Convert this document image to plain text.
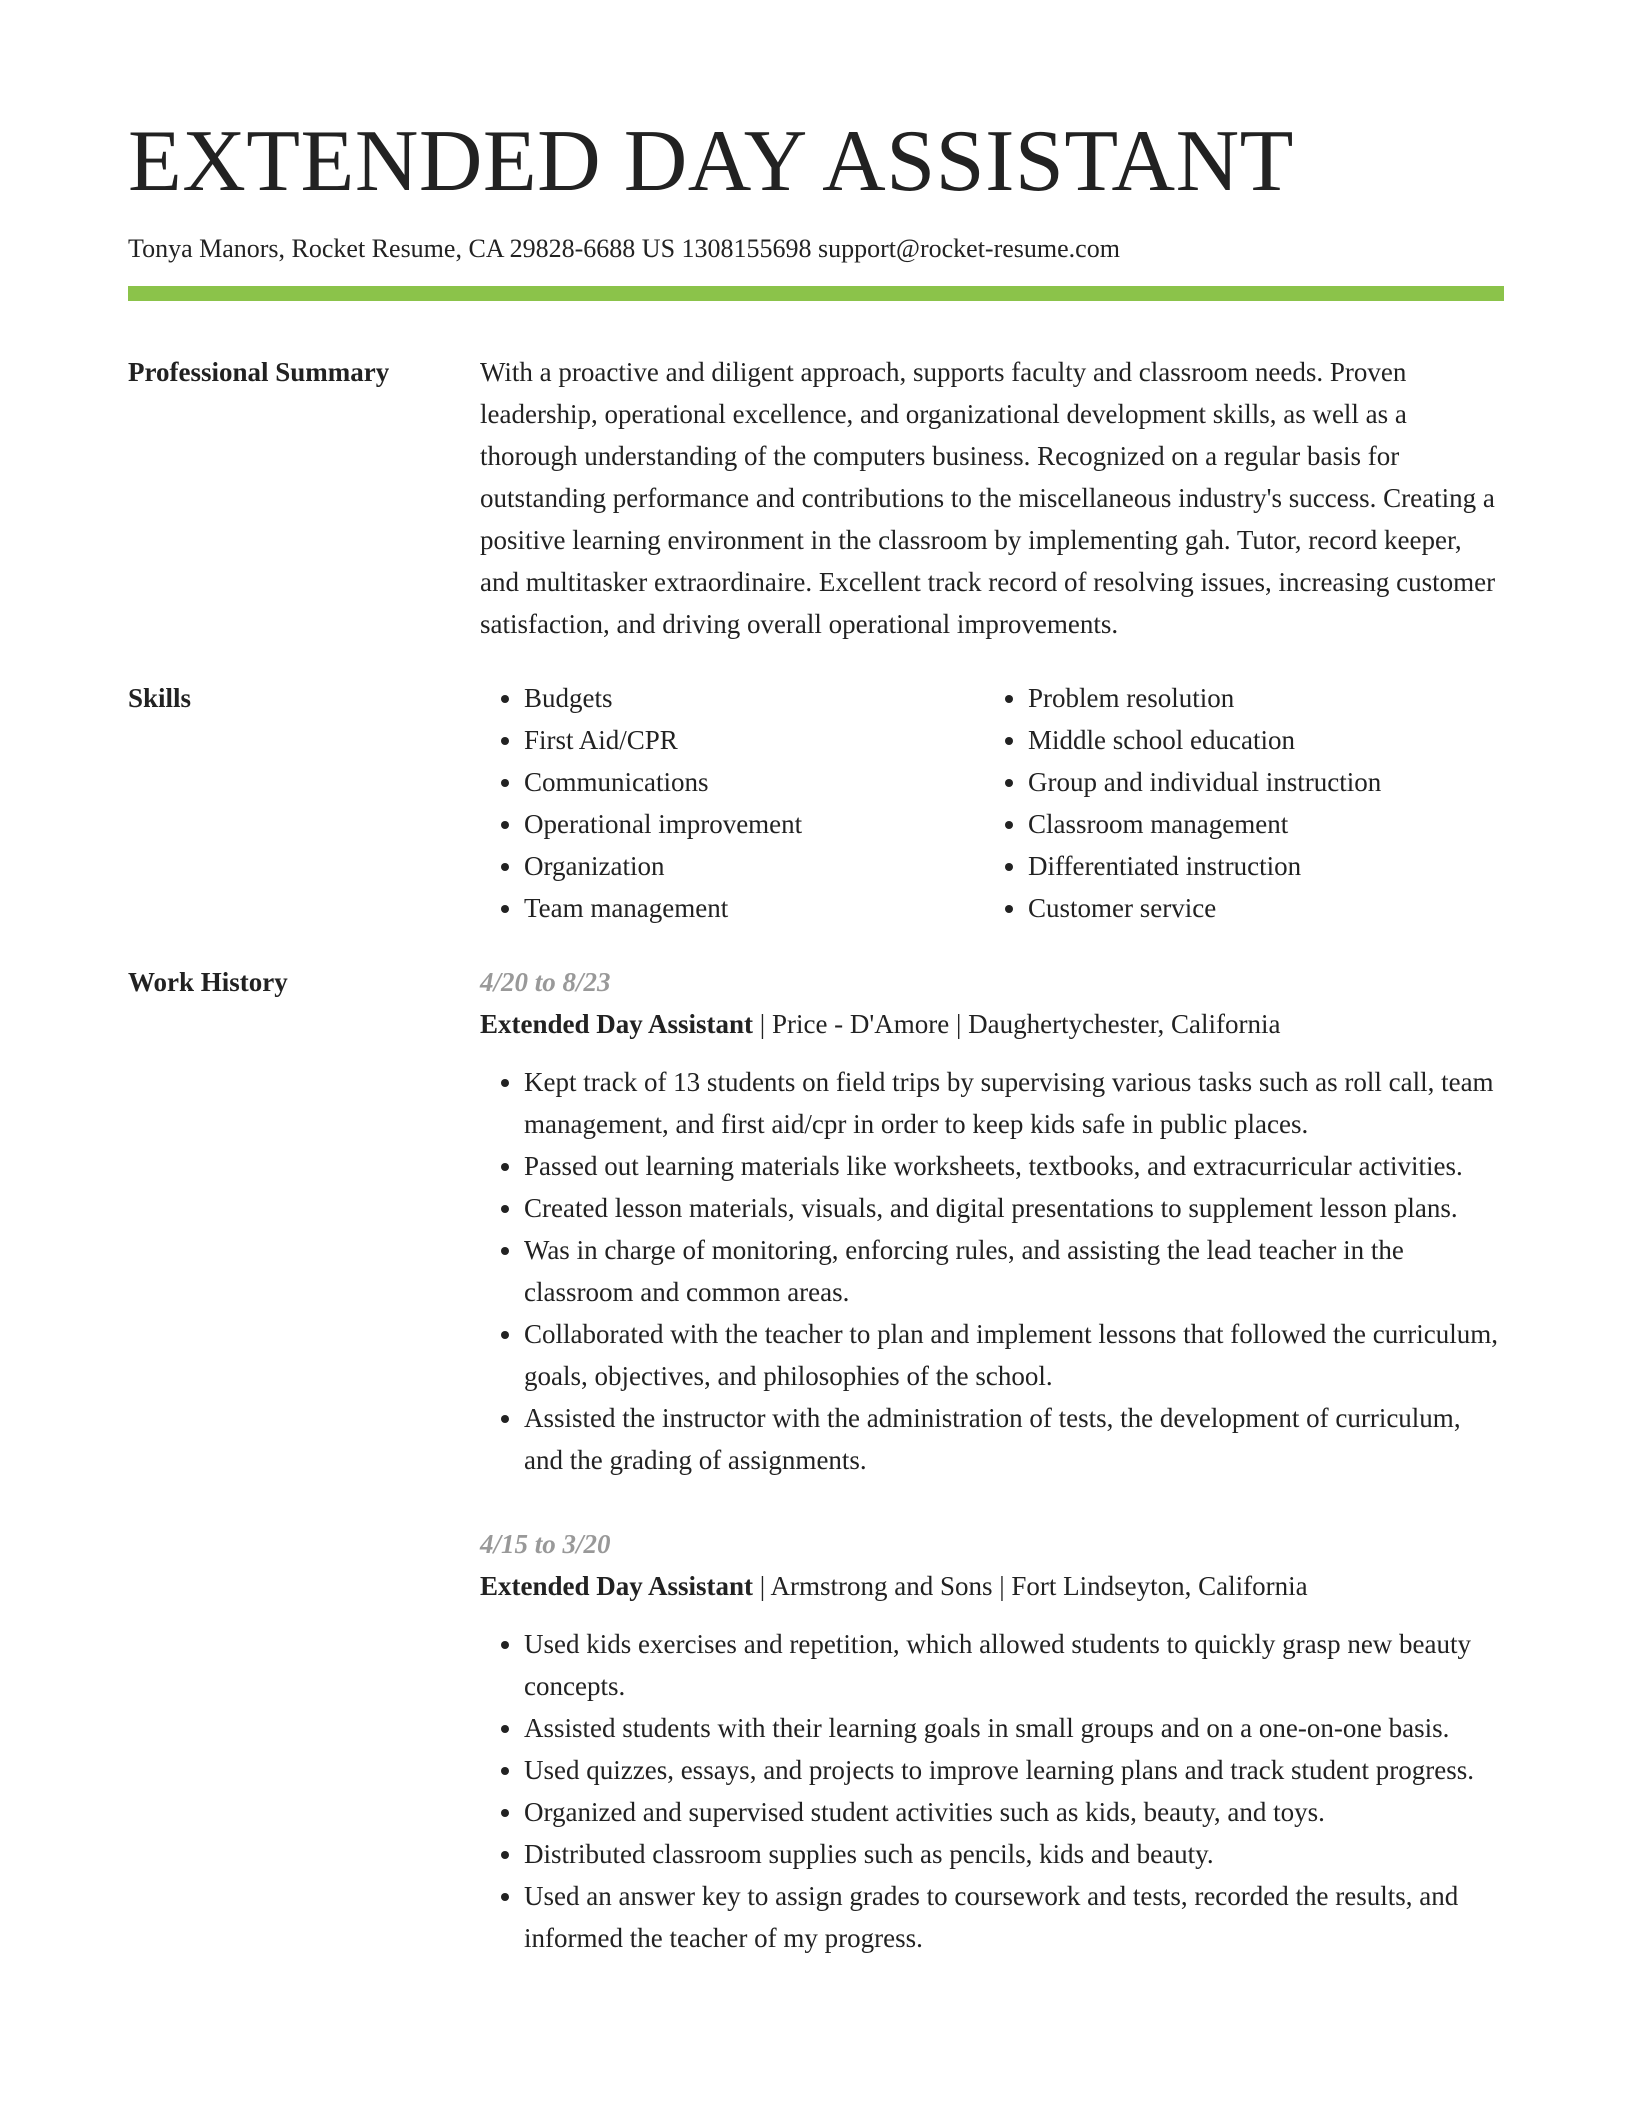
EXTENDED DAY ASSISTANT
Tonya Manors, Rocket Resume, CA 29828-6688 US 1308155698 support@rocket-resume.com
Professional Summary	With a proactive and diligent approach, supports faculty and classroom needs. Proven leadership, operational excellence, and organizational development skills, as well as a thorough understanding of the computers business. Recognized on a regular basis for outstanding performance and contributions to the miscellaneous industry's success. Creating a positive learning environment in the classroom by implementing gah. Tutor, record keeper, and multitasker extraordinaire. Excellent track record of resolving issues, increasing customer satisfaction, and driving overall operational improvements.

Skills
•	Budgets
• First Aid/CPR
• Communications
• Operational improvement
• Organization
• Team management
• Problem resolution
• Middle school education
• Group and individual instruction
• Classroom management
• Differentiated instruction
• Customer service
Work History	4/20 to 8/23
Extended Day Assistant | Price - D'Amore | Daughertychester, California
• Kept track of 13 students on field trips by supervising various tasks such as roll call, team management, and first aid/cpr in order to keep kids safe in public places.
• Passed out learning materials like worksheets, textbooks, and extracurricular activities.
• Created lesson materials, visuals, and digital presentations to supplement lesson plans.
• Was in charge of monitoring, enforcing rules, and assisting the lead teacher in the classroom and common areas.
• Collaborated with the teacher to plan and implement lessons that followed the curriculum, goals, objectives, and philosophies of the school.
• Assisted the instructor with the administration of tests, the development of curriculum, and the grading of assignments.
4/15 to 3/20
Extended Day Assistant | Armstrong and Sons | Fort Lindseyton, California
• Used kids exercises and repetition, which allowed students to quickly grasp new beauty concepts.
• Assisted students with their learning goals in small groups and on a one-on-one basis.
• Used quizzes, essays, and projects to improve learning plans and track student progress.
• Organized and supervised student activities such as kids, beauty, and toys.
• Distributed classroom supplies such as pencils, kids and beauty.
• Used an answer key to assign grades to coursework and tests, recorded the results, and informed the teacher of my progress.
